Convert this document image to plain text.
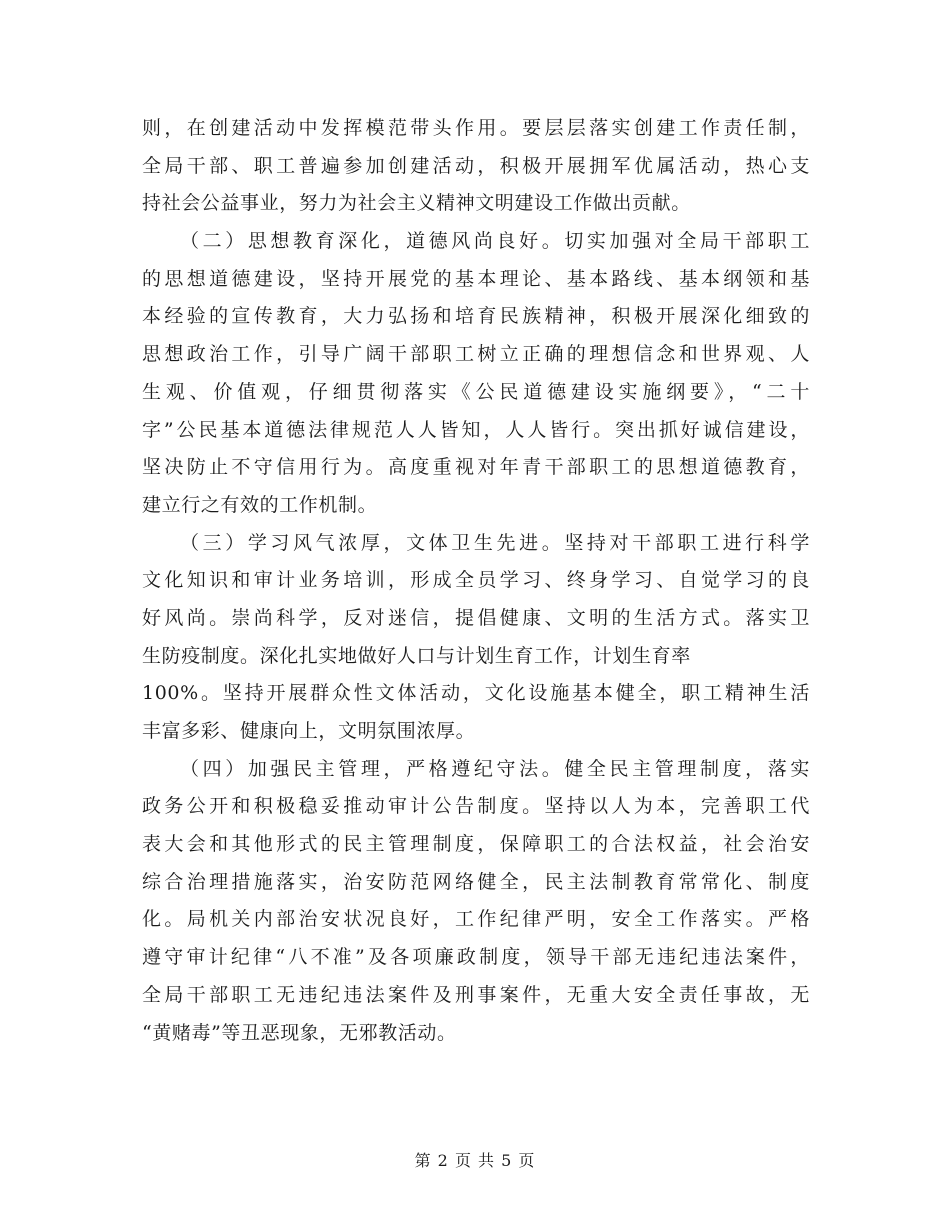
则，在创建活动中发挥模范带头作用。要层层落实创建工作责任制，
全局干部、职工普遍参加创建活动，积极开展拥军优属活动，热心支
持社会公益事业，努力为社会主义精神文明建设工作做出贡献。
（二）思想教育深化，道德风尚良好。切实加强对全局干部职工
的思想道德建设，坚持开展党的基本理论、基本路线、基本纲领和基
本经验的宣传教育，大力弘扬和培育民族精神，积极开展深化细致的
思想政治工作，引导广阔干部职工树立正确的理想信念和世界观、人
生观、价值观，仔细贯彻落实《公民道德建设实施纲要》，“二十
字”公民基本道德法律规范人人皆知，人人皆行。突出抓好诚信建设，
坚决防止不守信用行为。高度重视对年青干部职工的思想道德教育，
建立行之有效的工作机制。
（三）学习风气浓厚，文体卫生先进。坚持对干部职工进行科学
文化知识和审计业务培训，形成全员学习、终身学习、自觉学习的良
好风尚。崇尚科学，反对迷信，提倡健康、文明的生活方式。落实卫
生防疫制度。深化扎实地做好人口与计划生育工作，计划生育率
100%。坚持开展群众性文体活动，文化设施基本健全，职工精神生活
丰富多彩、健康向上，文明氛围浓厚。
（四）加强民主管理，严格遵纪守法。健全民主管理制度，落实
政务公开和积极稳妥推动审计公告制度。坚持以人为本，完善职工代
表大会和其他形式的民主管理制度，保障职工的合法权益，社会治安
综合治理措施落实，治安防范网络健全，民主法制教育常常化、制度
化。局机关内部治安状况良好，工作纪律严明，安全工作落实。严格
遵守审计纪律“八不准”及各项廉政制度，领导干部无违纪违法案件，
全局干部职工无违纪违法案件及刑事案件，无重大安全责任事故，无
“黄赌毒”等丑恶现象，无邪教活动。
第 2 页 共 5 页
